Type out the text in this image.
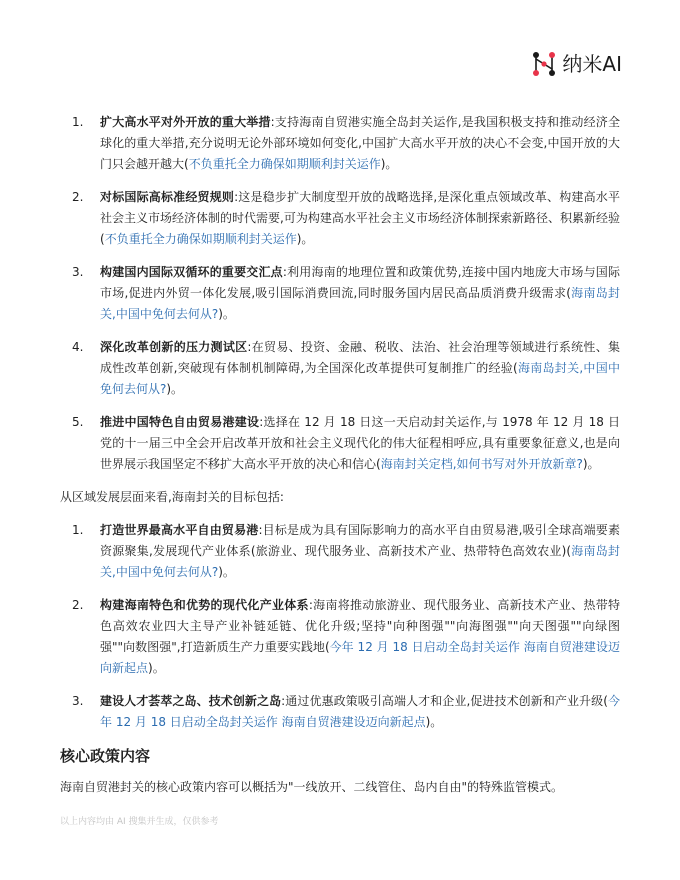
纳米AI
1.	扩大高水平对外开放的重大举措:支持海南自贸港实施全岛封关运作,是我国积极支持和推动经济全球化的重大举措,充分说明无论外部环境如何变化,中国扩大高水平开放的决心不会变,中国开放的大门只会越开越大(不负重托全力确保如期顺利封关运作)。
2.	对标国际高标准经贸规则:这是稳步扩大制度型开放的战略选择,是深化重点领域改革、构建高水平社会主义市场经济体制的时代需要,可为构建高水平社会主义市场经济体制探索新路径、积累新经验(不负重托全力确保如期顺利封关运作)。
3.	构建国内国际双循环的重要交汇点:利用海南的地理位置和政策优势,连接中国内地庞大市场与国际市场,促进内外贸一体化发展,吸引国际消费回流,同时服务国内居民高品质消费升级需求(海南岛封关,中国中免何去何从?)。
4.	深化改革创新的压力测试区:在贸易、投资、金融、税收、法治、社会治理等领域进行系统性、集成性改革创新,突破现有体制机制障碍,为全国深化改革提供可复制推广的经验(海南岛封关,中国中免何去何从?)。
5.	推进中国特色自由贸易港建设:选择在 12 月 18 日这一天启动封关运作,与 1978 年 12 月 18 日党的十一届三中全会开启改革开放和社会主义现代化的伟大征程相呼应,具有重要象征意义,也是向世界展示我国坚定不移扩大高水平开放的决心和信心(海南封关定档,如何书写对外开放新章?)。

从区域发展层面来看,海南封关的目标包括:

1.	打造世界最高水平自由贸易港:目标是成为具有国际影响力的高水平自由贸易港,吸引全球高端要素资源聚集,发展现代产业体系(旅游业、现代服务业、高新技术产业、热带特色高效农业)(海南岛封关,中国中免何去何从?)。
2.	构建海南特色和优势的现代化产业体系:海南将推动旅游业、现代服务业、高新技术产业、热带特色高效农业四大主导产业补链延链、优化升级;坚持"向种图强""向海图强""向天图强""向绿图强""向数图强",打造新质生产力重要实践地(今年 12 月 18 日启动全岛封关运作 海南自贸港建设迈向新起点)。
3.	建设人才荟萃之岛、技术创新之岛:通过优惠政策吸引高端人才和企业,促进技术创新和产业升级(今年 12 月 18 日启动全岛封关运作 海南自贸港建设迈向新起点)。
核心政策内容

海南自贸港封关的核心政策内容可以概括为"一线放开、二线管住、岛内自由"的特殊监管模式。

以上内容均由 AI 搜集并生成，仅供参考
